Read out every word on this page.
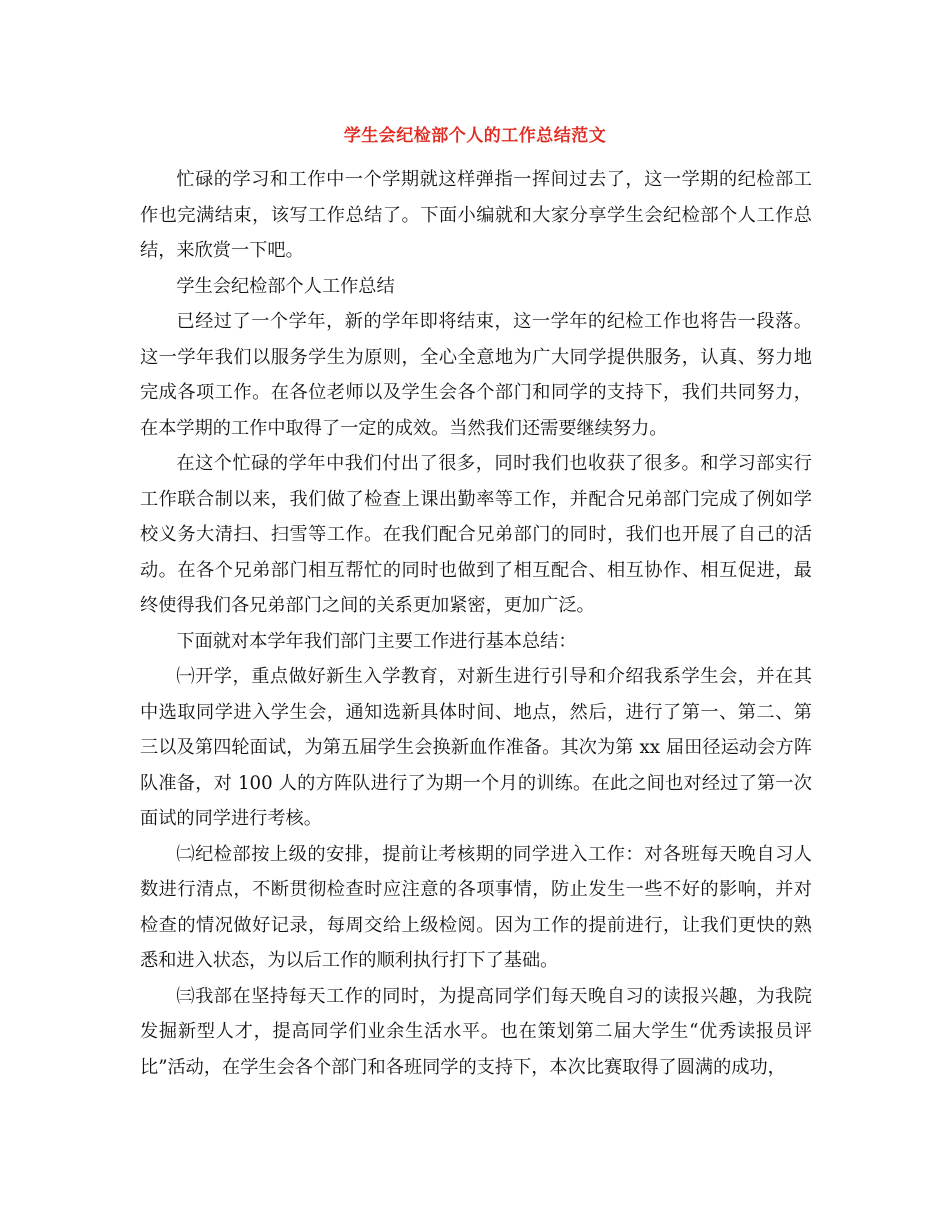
学生会纪检部个人的工作总结范文

忙碌的学习和工作中一个学期就这样弹指一挥间过去了，这一学期的纪检部工作也完满结束，该写工作总结了。下面小编就和大家分享学生会纪检部个人工作总结，来欣赏一下吧。

学生会纪检部个人工作总结

已经过了一个学年，新的学年即将结束，这一学年的纪检工作也将告一段落。这一学年我们以服务学生为原则，全心全意地为广大同学提供服务，认真、努力地完成各项工作。在各位老师以及学生会各个部门和同学的支持下，我们共同努力，在本学期的工作中取得了一定的成效。当然我们还需要继续努力。

在这个忙碌的学年中我们付出了很多，同时我们也收获了很多。和学习部实行工作联合制以来，我们做了检查上课出勤率等工作，并配合兄弟部门完成了例如学校义务大清扫、扫雪等工作。在我们配合兄弟部门的同时，我们也开展了自己的活动。在各个兄弟部门相互帮忙的同时也做到了相互配合、相互协作、相互促进，最终使得我们各兄弟部门之间的关系更加紧密，更加广泛。

下面就对本学年我们部门主要工作进行基本总结：

㈠开学，重点做好新生入学教育，对新生进行引导和介绍我系学生会，并在其中选取同学进入学生会，通知选新具体时间、地点，然后，进行了第一、第二、第三以及第四轮面试，为第五届学生会换新血作准备。其次为第 xx 届田径运动会方阵队准备，对 100 人的方阵队进行了为期一个月的训练。在此之间也对经过了第一次面试的同学进行考核。

㈡纪检部按上级的安排，提前让考核期的同学进入工作：对各班每天晚自习人数进行清点，不断贯彻检查时应注意的各项事情，防止发生一些不好的影响，并对检查的情况做好记录，每周交给上级检阅。因为工作的提前进行，让我们更快的熟悉和进入状态，为以后工作的顺利执行打下了基础。

㈢我部在坚持每天工作的同时，为提高同学们每天晚自习的读报兴趣，为我院发掘新型人才，提高同学们业余生活水平。也在策划第二届大学生“优秀读报员评比”活动，在学生会各个部门和各班同学的支持下，本次比赛取得了圆满的成功，
